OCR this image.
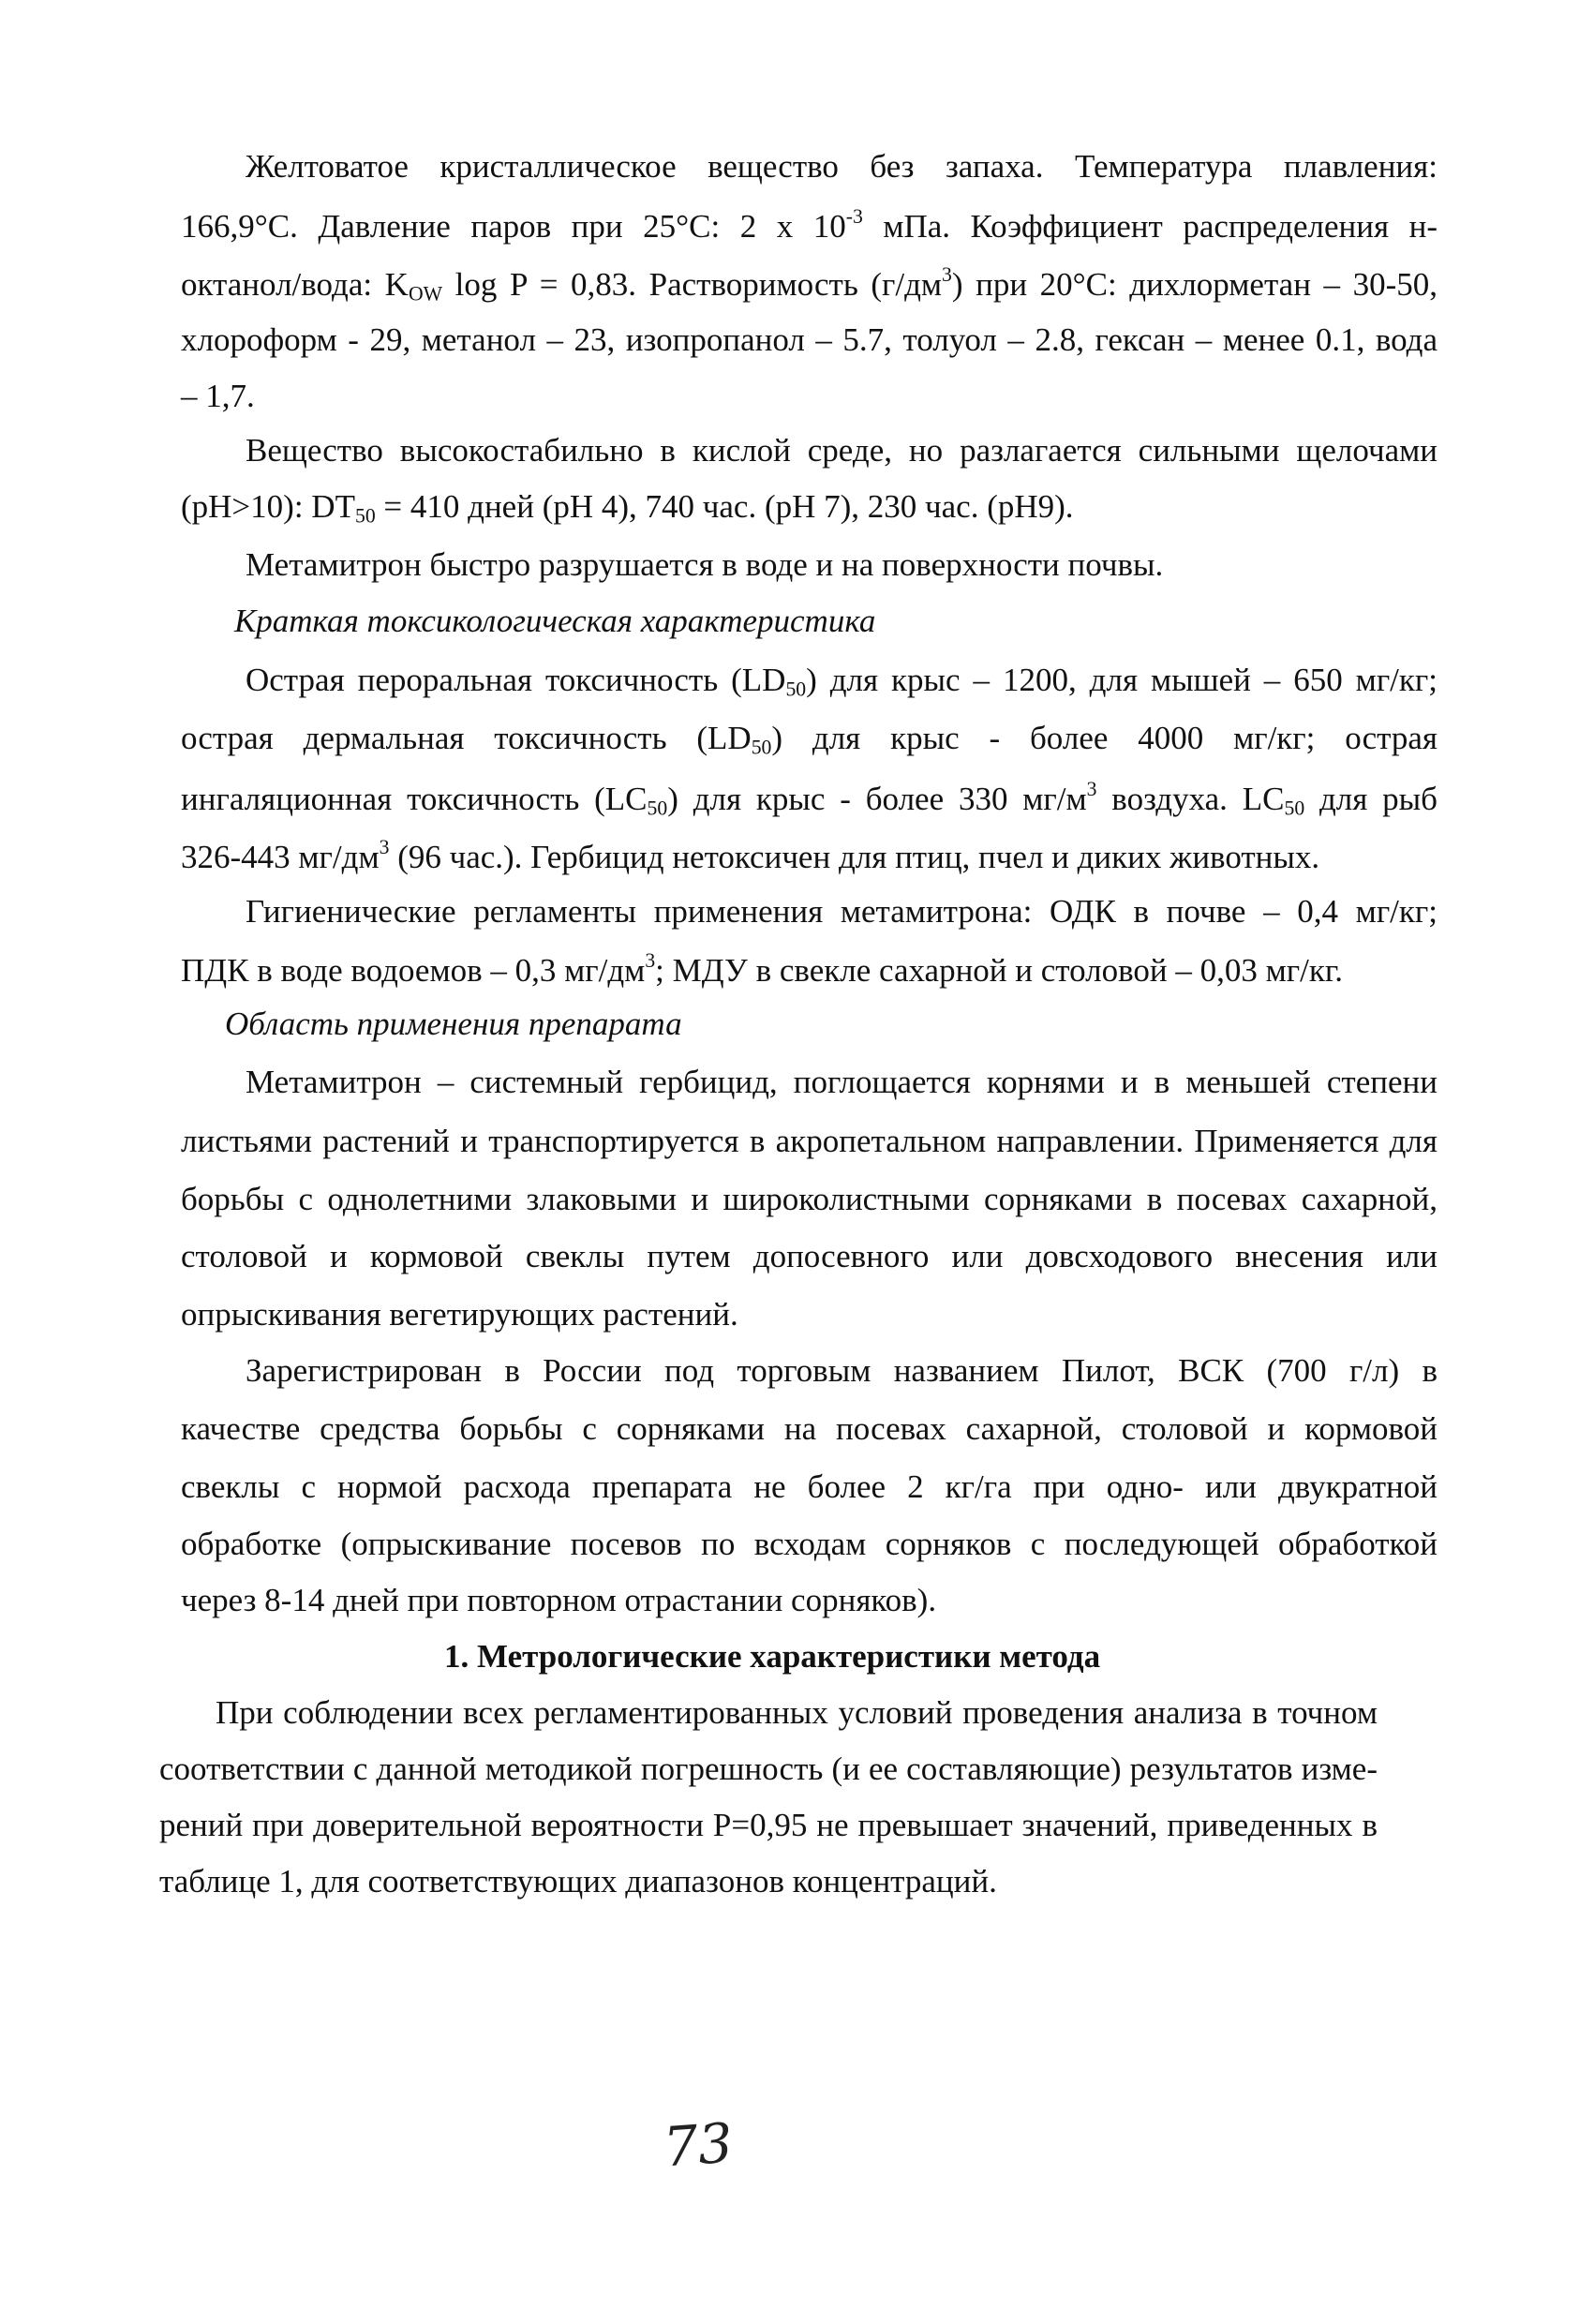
Желтоватое кристаллическое вещество без запаха. Температура плавления:
166,9°С. Давление паров при 25°С: 2 х $10^{-3}$ мПа. Коэффициент распределения н-
октанол/вода: $K_{OW}$ log P = 0,83. Растворимость $(г/дм^3)$ при 20°С: дихлорметан – 30-50,
хлороформ - 29, метанол – 23, изопропанол – 5.7, толуол – 2.8, гексан – менее 0.1, вода
– 1,7.
Вещество высокостабильно в кислой среде, но разлагается сильными щелочами
(pH>10): $DT_{50} = 410$ дней (pH 4), 740 час. (pH 7), 230 час. (pH9).
Метамитрон быстро разрушается в воде и на поверхности почвы.
Краткая токсикологическая характеристика
Острая пероральная токсичность $(LD_{50})$ для крыс – 1200, для мышей – 650 мг/кг;
острая дермальная токсичность $(LD_{50})$ для крыс - более 4000 мг/кг; острая
ингаляционная токсичность $(LC_{50})$ для крыс - более 330 $мг/м^3$ воздуха. $LC_{50}$ для рыб
326-443 $мг/дм^3$ (96 час.). Гербицид нетоксичен для птиц, пчел и диких животных.
Гигиенические регламенты применения метамитрона: ОДК в почве – 0,4 мг/кг;
ПДК в воде водоемов – 0,3 $мг/дм^3$; МДУ в свекле сахарной и столовой – 0,03 мг/кг.
Область применения препарата
Метамитрон – системный гербицид, поглощается корнями и в меньшей степени
листьями растений и транспортируется в акропетальном направлении. Применяется для
борьбы с однолетними злаковыми и широколистными сорняками в посевах сахарной,
столовой и кормовой свеклы путем допосевного или довсходового внесения или
опрыскивания вегетирующих растений.
Зарегистрирован в России под торговым названием Пилот, ВСК (700 г/л) в
качестве средства борьбы с сорняками на посевах сахарной, столовой и кормовой
свеклы с нормой расхода препарата не более 2 кг/га при одно- или двукратной
обработке (опрыскивание посевов по всходам сорняков с последующей обработкой
через 8-14 дней при повторном отрастании сорняков).
1. Метрологические характеристики метода
При соблюдении всех регламентированных условий проведения анализа в точном
соответствии с данной методикой погрешность (и ее составляющие) результатов изме-
рений при доверительной вероятности P=0,95 не превышает значений, приведенных в
таблице 1, для соответствующих диапазонов концентраций.
73
